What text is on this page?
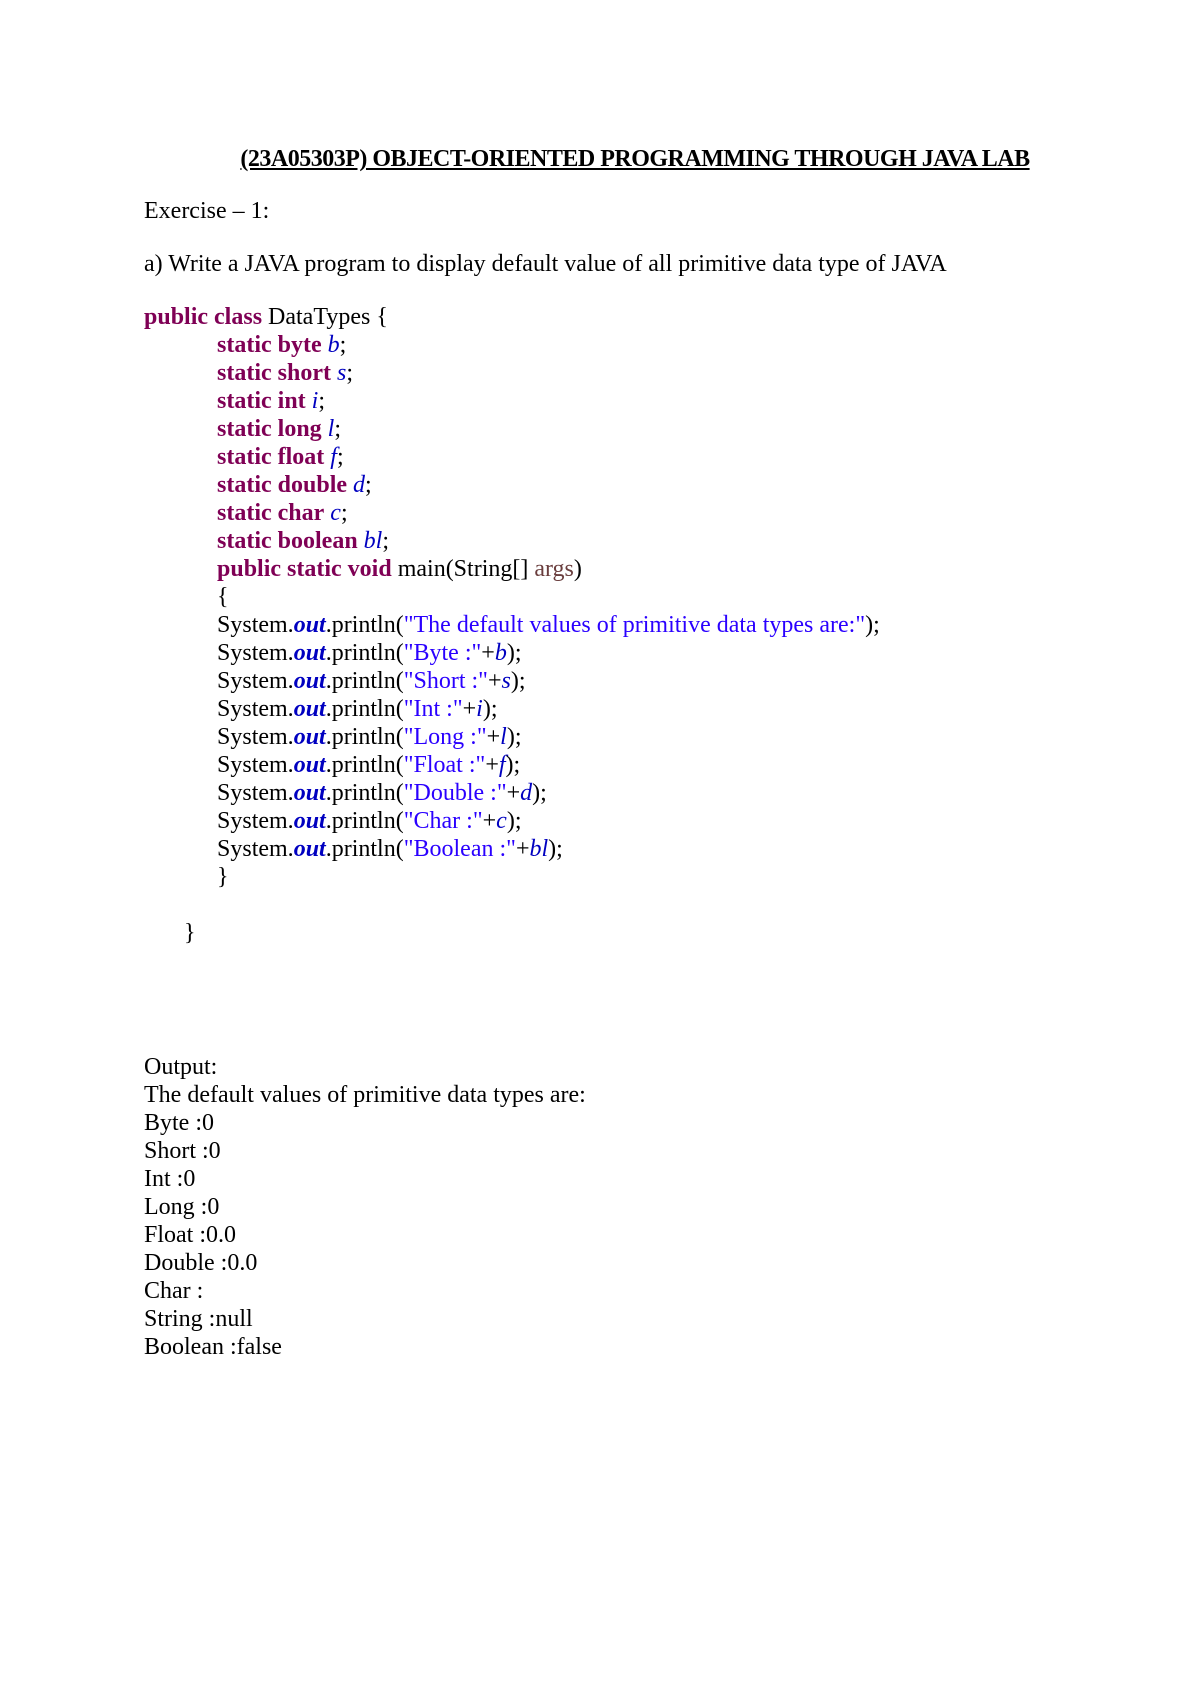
(23A05303P) OBJECT-ORIENTED PROGRAMMING THROUGH JAVA LAB
Exercise – 1:
a) Write a JAVA program to display default value of all primitive data type of JAVA
public class DataTypes {
static byte b;
static short s;
static int i;
static long l;
static float f;
static double d;
static char c;
static boolean bl;
public static void main(String[] args)
{
System.out.println("The default values of primitive data types are:");
System.out.println("Byte :"+b);
System.out.println("Short :"+s);
System.out.println("Int :"+i);
System.out.println("Long :"+l);
System.out.println("Float :"+f);
System.out.println("Double :"+d);
System.out.println("Char :"+c);
System.out.println("Boolean :"+bl);
}
}
Output:
The default values of primitive data types are:
Byte :0
Short :0
Int :0
Long :0
Float :0.0
Double :0.0
Char :
String :null
Boolean :false
